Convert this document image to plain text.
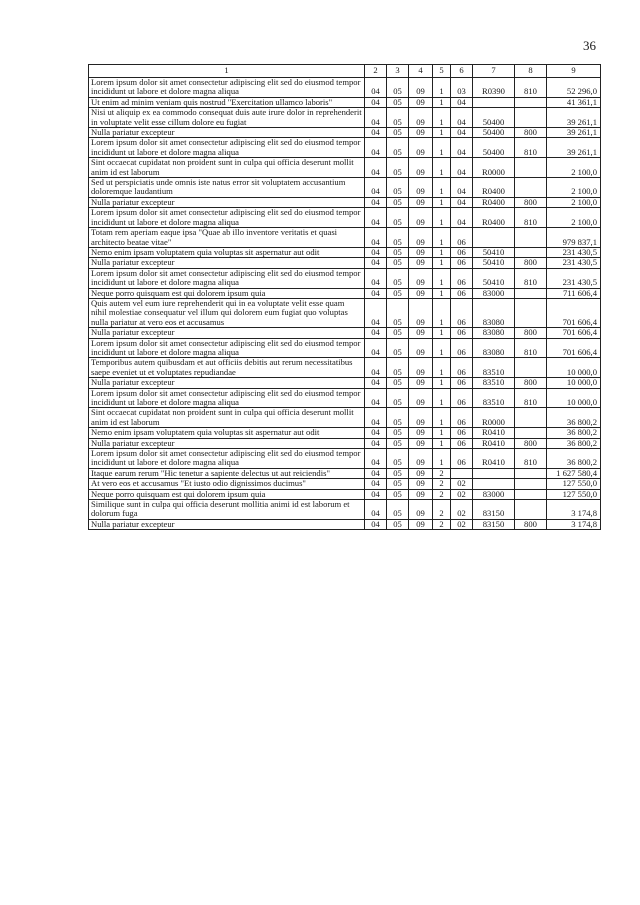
36
1	2	3	4	5	6	7	8	9
Lorem ipsum dolor sit amet consectetur adipiscing elit sed do eiusmod tempor incididunt ut labore et dolore magna aliqua	04	05	09	1	03	R0390	810	52 296,0
Ut enim ad minim veniam quis nostrud "Exercitation ullamco laboris"	04	05	09	1	04			41 361,1
Nisi ut aliquip ex ea commodo consequat duis aute irure dolor in reprehenderit in voluptate velit esse cillum dolore eu fugiat	04	05	09	1	04	50400		39 261,1
Nulla pariatur excepteur	04	05	09	1	04	50400	800	39 261,1
Lorem ipsum dolor sit amet consectetur adipiscing elit sed do eiusmod tempor incididunt ut labore et dolore magna aliqua	04	05	09	1	04	50400	810	39 261,1
Sint occaecat cupidatat non proident sunt in culpa qui officia deserunt mollit anim id est laborum	04	05	09	1	04	R0000		2 100,0
Sed ut perspiciatis unde omnis iste natus error sit voluptatem accusantium doloremque laudantium	04	05	09	1	04	R0400		2 100,0
Nulla pariatur excepteur	04	05	09	1	04	R0400	800	2 100,0
Lorem ipsum dolor sit amet consectetur adipiscing elit sed do eiusmod tempor incididunt ut labore et dolore magna aliqua	04	05	09	1	04	R0400	810	2 100,0
Totam rem aperiam eaque ipsa "Quae ab illo inventore veritatis et quasi architecto beatae vitae"	04	05	09	1	06			979 837,1
Nemo enim ipsam voluptatem quia voluptas sit aspernatur aut odit	04	05	09	1	06	50410		231 430,5
Nulla pariatur excepteur	04	05	09	1	06	50410	800	231 430,5
Lorem ipsum dolor sit amet consectetur adipiscing elit sed do eiusmod tempor incididunt ut labore et dolore magna aliqua	04	05	09	1	06	50410	810	231 430,5
Neque porro quisquam est qui dolorem ipsum quia	04	05	09	1	06	83000		711 606,4
Quis autem vel eum iure reprehenderit qui in ea voluptate velit esse quam nihil molestiae consequatur vel illum qui dolorem eum fugiat quo voluptas nulla pariatur at vero eos et accusamus	04	05	09	1	06	83080		701 606,4
Nulla pariatur excepteur	04	05	09	1	06	83080	800	701 606,4
Lorem ipsum dolor sit amet consectetur adipiscing elit sed do eiusmod tempor incididunt ut labore et dolore magna aliqua	04	05	09	1	06	83080	810	701 606,4
Temporibus autem quibusdam et aut officiis debitis aut rerum necessitatibus saepe eveniet ut et voluptates repudiandae	04	05	09	1	06	83510		10 000,0
Nulla pariatur excepteur	04	05	09	1	06	83510	800	10 000,0
Lorem ipsum dolor sit amet consectetur adipiscing elit sed do eiusmod tempor incididunt ut labore et dolore magna aliqua	04	05	09	1	06	83510	810	10 000,0
Sint occaecat cupidatat non proident sunt in culpa qui officia deserunt mollit anim id est laborum	04	05	09	1	06	R0000		36 800,2
Nemo enim ipsam voluptatem quia voluptas sit aspernatur aut odit	04	05	09	1	06	R0410		36 800,2
Nulla pariatur excepteur	04	05	09	1	06	R0410	800	36 800,2
Lorem ipsum dolor sit amet consectetur adipiscing elit sed do eiusmod tempor incididunt ut labore et dolore magna aliqua	04	05	09	1	06	R0410	810	36 800,2
Itaque earum rerum "Hic tenetur a sapiente delectus ut aut reiciendis"	04	05	09	2				1 627 580,4
At vero eos et accusamus "Et iusto odio dignissimos ducimus"	04	05	09	2	02			127 550,0
Neque porro quisquam est qui dolorem ipsum quia	04	05	09	2	02	83000		127 550,0
Similique sunt in culpa qui officia deserunt mollitia animi id est laborum et dolorum fuga	04	05	09	2	02	83150		3 174,8
Nulla pariatur excepteur	04	05	09	2	02	83150	800	3 174,8
